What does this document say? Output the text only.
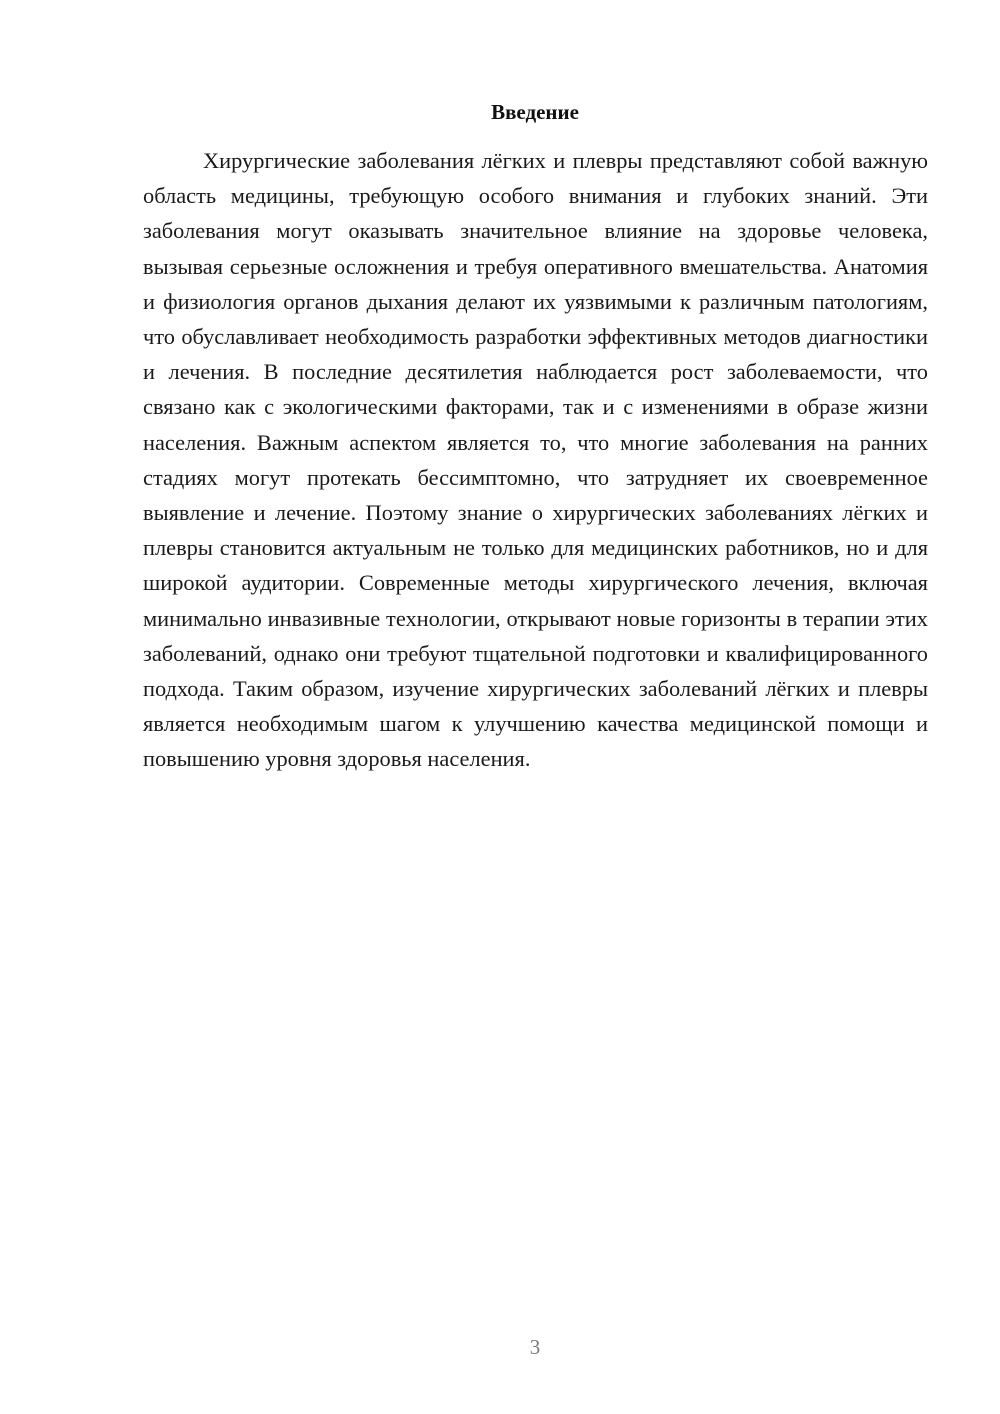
Введение

Хирургические заболевания лёгких и плевры представляют собой важную область медицины, требующую особого внимания и глубоких знаний. Эти заболевания могут оказывать значительное влияние на здоровье человека, вызывая серьезные осложнения и требуя оперативного вмешательства. Анатомия и физиология органов дыхания делают их уязвимыми к различным патологиям, что обуславливает необходимость разработки эффективных методов диагностики и лечения. В последние десятилетия наблюдается рост заболеваемости, что связано как с экологическими факторами, так и с изменениями в образе жизни населения. Важным аспектом является то, что многие заболевания на ранних стадиях могут протекать бессимптомно, что затрудняет их своевременное выявление и лечение. Поэтому знание о хирургических заболеваниях лёгких и плевры становится актуальным не только для медицинских работников, но и для широкой аудитории. Современные методы хирургического лечения, включая минимально инвазивные технологии, открывают новые горизонты в терапии этих заболеваний, однако они требуют тщательной подготовки и квалифицированного подхода. Таким образом, изучение хирургических заболеваний лёгких и плевры является необходимым шагом к улучшению качества медицинской помощи и повышению уровня здоровья населения.

3
